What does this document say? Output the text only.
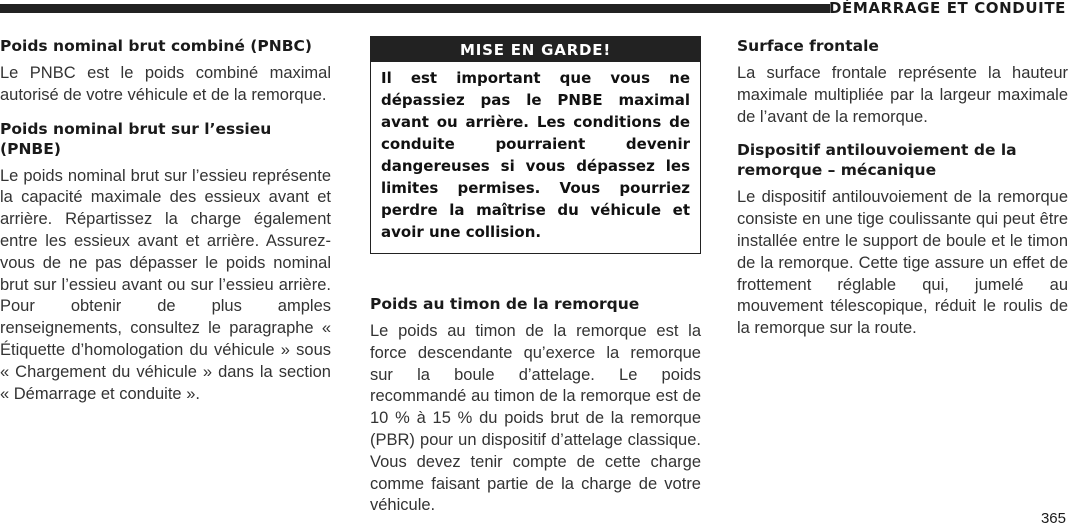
DÉMARRAGE ET CONDUITE
Poids nominal brut combiné (PNBC)

Le PNBC est le poids combiné maximal autorisé de votre véhicule et de la remorque.

Poids nominal brut sur l’essieu (PNBE)

Le poids nominal brut sur l’essieu représente la capacité maximale des essieux avant et arrière. Répartissez la charge également entre les essieux avant et arrière. Assurez-vous de ne pas dépasser le poids nominal brut sur l’essieu avant ou sur l’essieu arrière. Pour obtenir de plus amples renseignements, consultez le paragraphe « Étiquette d’homologation du véhicule » sous « Chargement du véhicule » dans la section « Démarrage et conduite ».

MISE EN GARDE!

Il est important que vous ne dépassiez pas le PNBE maximal avant ou arrière. Les conditions de conduite pourraient devenir dangereuses si vous dépassez les limites permises. Vous pourriez perdre la maîtrise du véhicule et avoir une collision.

Poids au timon de la remorque

Le poids au timon de la remorque est la force descendante qu’exerce la remorque sur la boule d’attelage. Le poids recommandé au timon de la remorque est de 10 % à 15 % du poids brut de la remorque (PBR) pour un dispositif d’attelage classique. Vous devez tenir compte de cette charge comme faisant partie de la charge de votre véhicule.

Surface frontale

La surface frontale représente la hauteur maximale multipliée par la largeur maximale de l’avant de la remorque.

Dispositif antilouvoiement de la remorque – mécanique

Le dispositif antilouvoiement de la remorque consiste en une tige coulissante qui peut être installée entre le support de boule et le timon de la remorque. Cette tige assure un effet de frottement réglable qui, jumelé au mouvement télescopique, réduit le roulis de la remorque sur la route.

365
